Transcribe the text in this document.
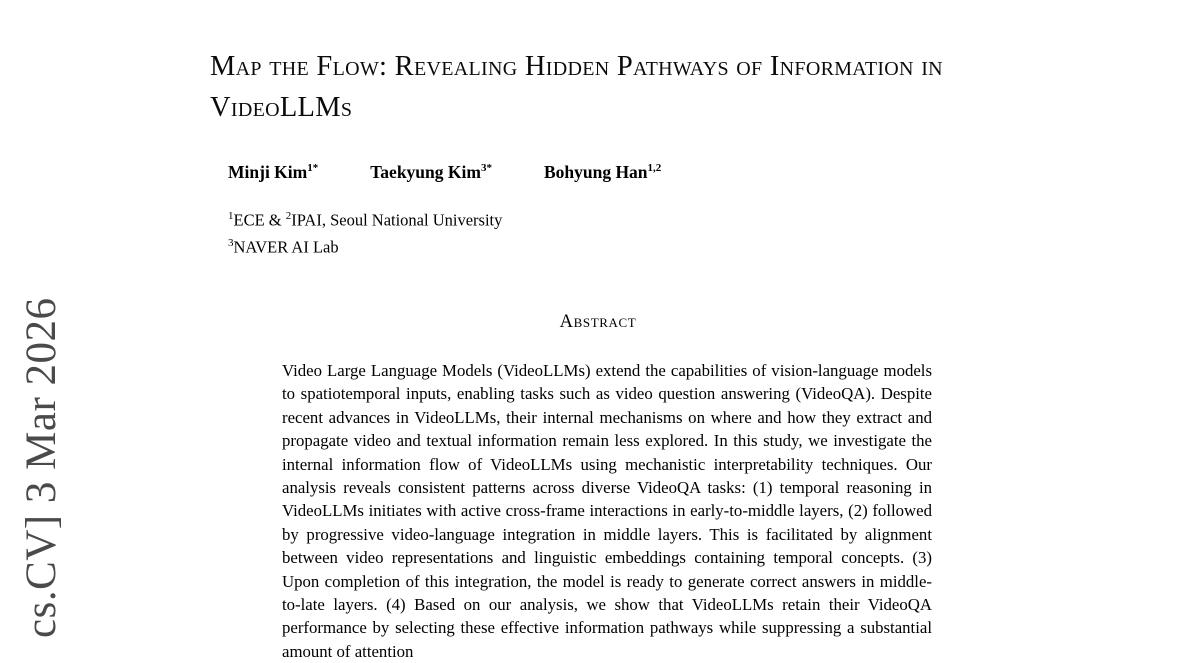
cs.CV] 3 Mar 2026
Map the Flow: Revealing Hidden Pathways of Information in VideoLLMs
Minji Kim$^{1*}$	Taekyung Kim$^{3*}$	Bohyung Han$^{1,2}$
$^1$ECE & $^2$IPAI, Seoul National University
$^3$NAVER AI Lab
Abstract

Video Large Language Models (VideoLLMs) extend the capabilities of vision-language models to spatiotemporal inputs, enabling tasks such as video question answering (VideoQA). Despite recent advances in VideoLLMs, their internal mechanisms on where and how they extract and propagate video and textual information remain less explored. In this study, we investigate the internal information flow of VideoLLMs using mechanistic interpretability techniques. Our analysis reveals consistent patterns across diverse VideoQA tasks: (1) temporal reasoning in VideoLLMs initiates with active cross-frame interactions in early-to-middle layers, (2) followed by progressive video-language integration in middle layers. This is facilitated by alignment between video representations and linguistic embeddings containing temporal concepts. (3) Upon completion of this integration, the model is ready to generate correct answers in middle-to-late layers. (4) Based on our analysis, we show that VideoLLMs retain their VideoQA performance by selecting these effective information pathways while suppressing a substantial amount of attention
